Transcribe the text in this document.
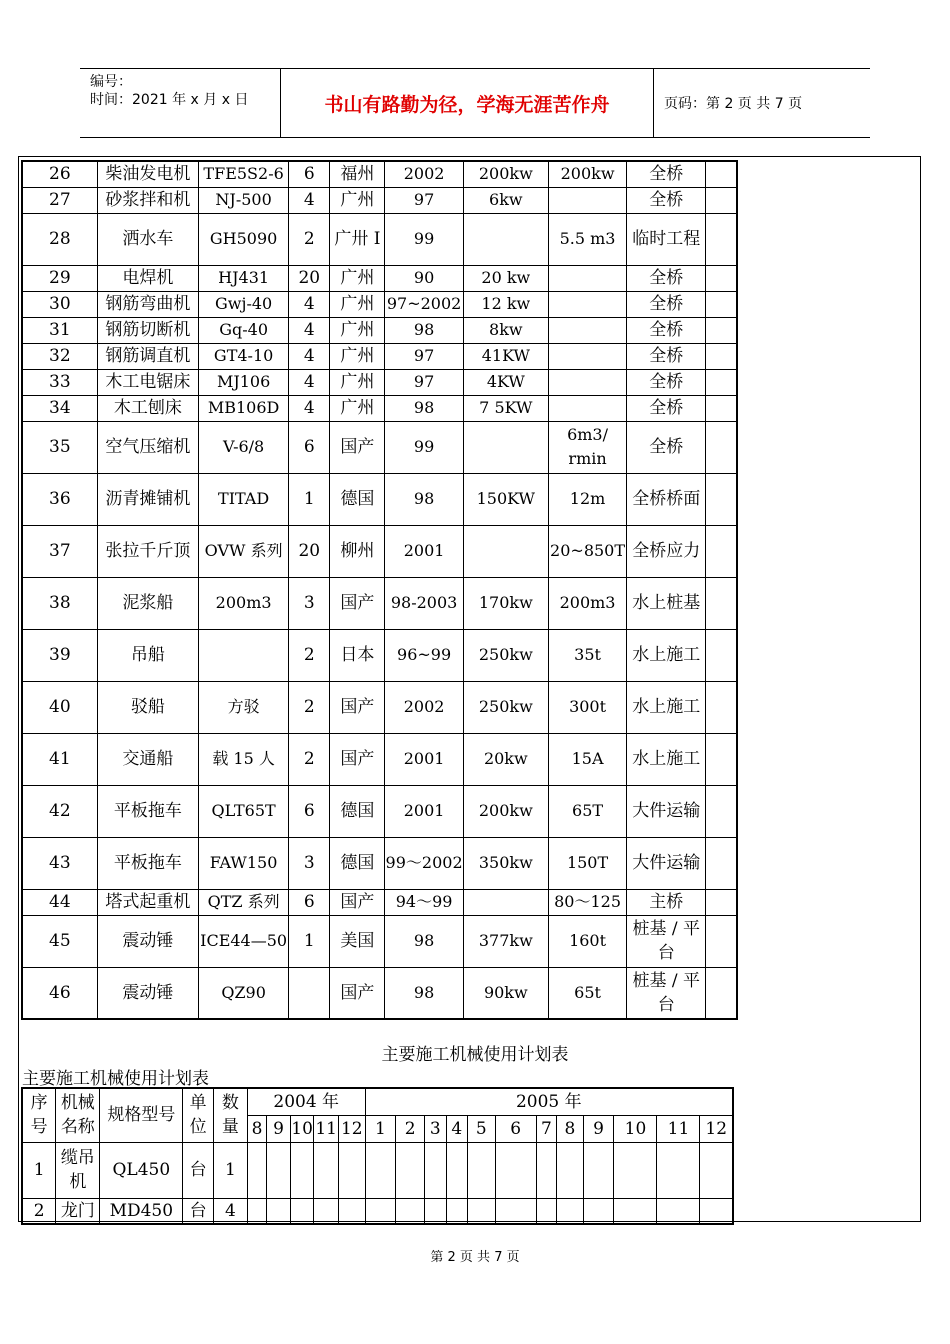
编号：
时间：2021 年 x 月 x 日	书山有路勤为径，学海无涯苦作舟	页码：第 2 页 共 7 页
26	柴油发电机	TFE5S2-6	6	福州	2002	200kw	200kw	全桥	
27	砂浆拌和机	NJ-500	4	广州	97	6kw		全桥	
28	洒水车	GH5090	2	广卅 I	99		5.5 m3	临时工程	
29	电焊机	HJ431	20	广州	90	20 kw		全桥	
30	钢筋弯曲机	Gwj-40	4	广州	97~2002	12 kw		全桥	
31	钢筋切断机	Gq-40	4	广州	98	8kw		全桥	
32	钢筋调直机	GT4-10	4	广州	97	41KW		全桥	
33	木工电锯床	MJ106	4	广州	97	4KW		全桥	
34	木工刨床	MB106D	4	广州	98	7 5KW		全桥	
35	空气压缩机	V-6/8	6	国产	99		6m3/ rmin	全桥	
36	沥青摊铺机	TITAD	1	德国	98	150KW	12m	全桥桥面	
37	张拉千斤顶	OVW 系列	20	柳州	2001		20~850T	全桥应力	
38	泥浆船	200m3	3	国产	98-2003	170kw	200m3	水上桩基	
39	吊船		2	日本	96~99	250kw	35t	水上施工	
40	驳船	方驳	2	国产	2002	250kw	300t	水上施工	
41	交通船	载 15 人	2	国产	2001	20kw	15A	水上施工	
42	平板拖车	QLT65T	6	德国	2001	200kw	65T	大件运输	
43	平板拖车	FAW150	3	德国	99～2002	350kw	150T	大件运输	
44	塔式起重机	QTZ 系列	6	国产	94～99		80～125	主桥	
45	震动锤	ICE44—50	1	美国	98	377kw	160t	桩基 / 平台	
46	震动锤	QZ90		国产	98	90kw	65t	桩基 / 平台	
主要施工机械使用计划表
主要施工机械使用计划表
序号	机械名称	规格型号	单位	数量	2004 年					2005 年											
					8	9	10	11	12	1	2	3	4	5	6	7	8	9	10	11	12
1	缆吊机	QL450	台	1																	
2	龙门	MD450	台	4																	
第 2 页 共 7 页
